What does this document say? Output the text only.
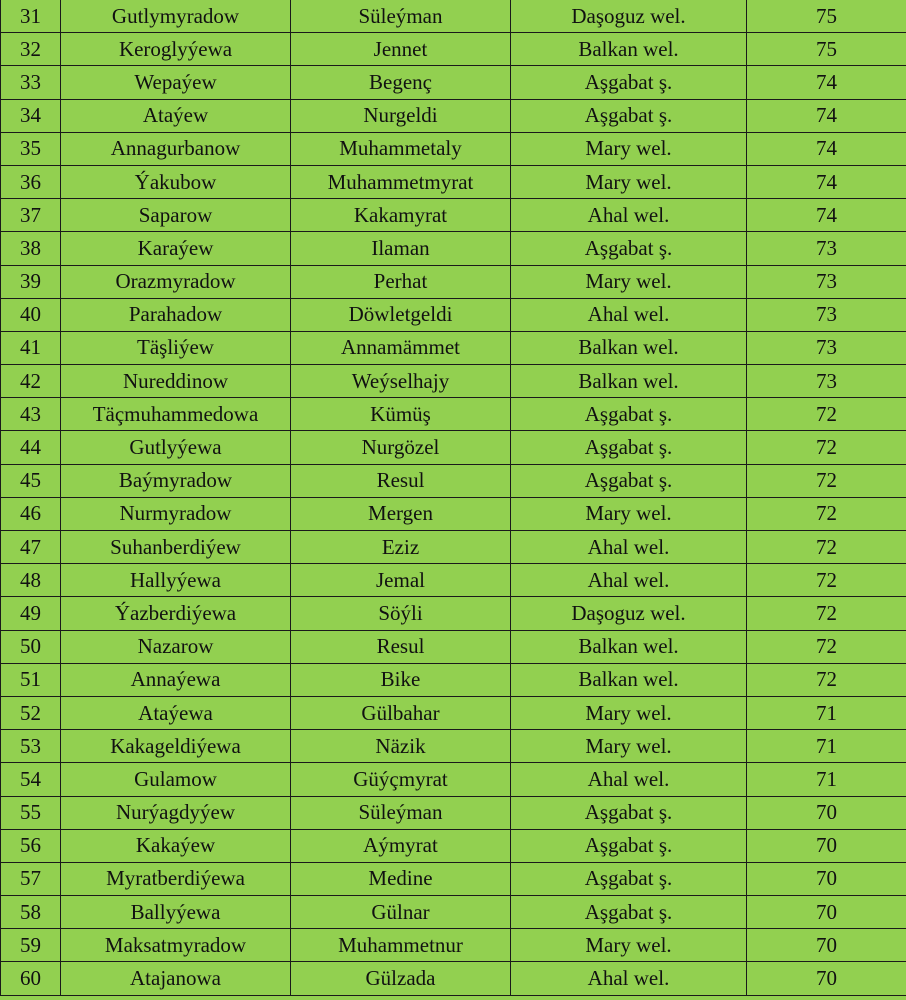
31	Gutlymyradow	Süleýman	Daşoguz wel.	75
32	Keroglyýewa	Jennet	Balkan wel.	75
33	Wepaýew	Begenç	Aşgabat ş.	74
34	Ataýew	Nurgeldi	Aşgabat ş.	74
35	Annagurbanow	Muhammetaly	Mary wel.	74
36	Ýakubow	Muhammetmyrat	Mary wel.	74
37	Saparow	Kakamyrat	Ahal wel.	74
38	Karaýew	Ilaman	Aşgabat ş.	73
39	Orazmyradow	Perhat	Mary wel.	73
40	Parahadow	Döwletgeldi	Ahal wel.	73
41	Täşliýew	Annamämmet	Balkan wel.	73
42	Nureddinow	Weýselhajy	Balkan wel.	73
43	Täçmuhammedowa	Kümüş	Aşgabat ş.	72
44	Gutlyýewa	Nurgözel	Aşgabat ş.	72
45	Baýmyradow	Resul	Aşgabat ş.	72
46	Nurmyradow	Mergen	Mary wel.	72
47	Suhanberdiýew	Eziz	Ahal wel.	72
48	Hallyýewa	Jemal	Ahal wel.	72
49	Ýazberdiýewa	Söýli	Daşoguz wel.	72
50	Nazarow	Resul	Balkan wel.	72
51	Annaýewa	Bike	Balkan wel.	72
52	Ataýewa	Gülbahar	Mary wel.	71
53	Kakageldiýewa	Näzik	Mary wel.	71
54	Gulamow	Güýçmyrat	Ahal wel.	71
55	Nurýagdyýew	Süleýman	Aşgabat ş.	70
56	Kakaýew	Aýmyrat	Aşgabat ş.	70
57	Myratberdiýewa	Medine	Aşgabat ş.	70
58	Ballyýewa	Gülnar	Aşgabat ş.	70
59	Maksatmyradow	Muhammetnur	Mary wel.	70
60	Atajanowa	Gülzada	Ahal wel.	70
